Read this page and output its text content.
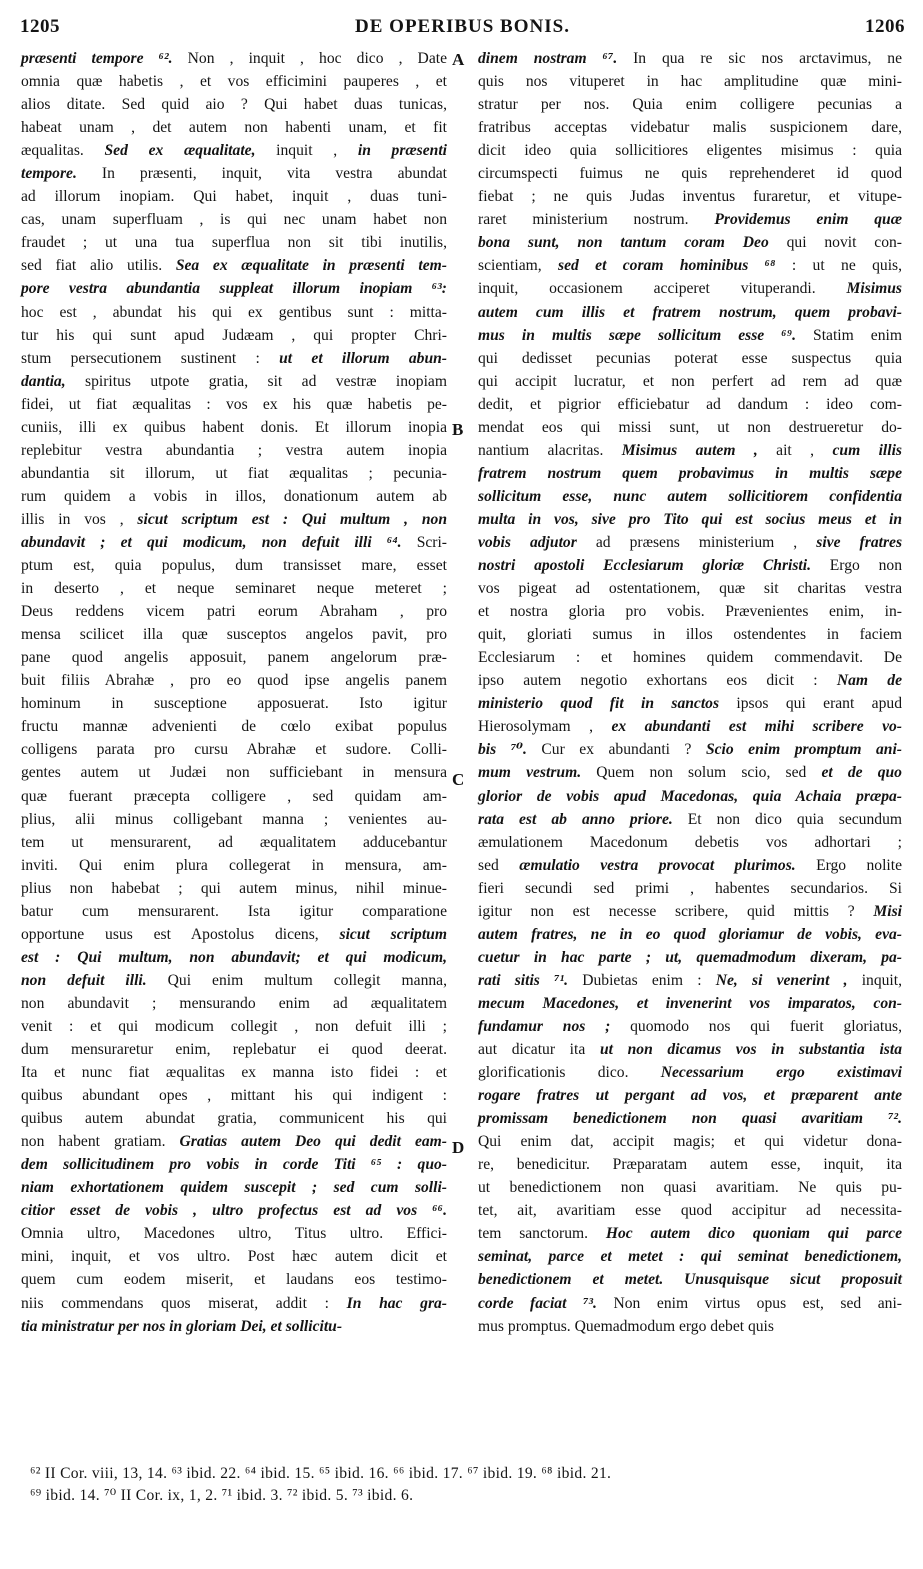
1205	DE OPERIBUS BONIS.	1206
A
B
C
D
præsenti tempore ⁶². Non , inquit , hoc dico , Date
omnia quæ habetis , et vos efficimini pauperes , et
alios ditate. Sed quid aio ? Qui habet duas tunicas,
habeat unam , det autem non habenti unam, et fit
æqualitas. Sed ex æqualitate, inquit , in præsenti
tempore. In præsenti, inquit, vita vestra abundat
ad illorum inopiam. Qui habet, inquit , duas tuni-
cas, unam superfluam , is qui nec unam habet non
fraudet ; ut una tua superflua non sit tibi inutilis,
sed fiat alio utilis. Sea ex æqualitate in præsenti tem-
pore vestra abundantia suppleat illorum inopiam ⁶³:
hoc est , abundat his qui ex gentibus sunt : mitta-
tur his qui sunt apud Judæam , qui propter Chri-
stum persecutionem sustinent : ut et illorum abun-
dantia, spiritus utpote gratia, sit ad vestræ inopiam
fidei, ut fiat æqualitas : vos ex his quæ habetis pe-
cuniis, illi ex quibus habent donis. Et illorum inopia
replebitur vestra abundantia ; vestra autem inopia
abundantia sit illorum, ut fiat æqualitas ; pecunia-
rum quidem a vobis in illos, donationum autem ab
illis in vos , sicut scriptum est : Qui multum , non
abundavit ; et qui modicum, non defuit illi ⁶⁴. Scri-
ptum est, quia populus, dum transisset mare, esset
in deserto , et neque seminaret neque meteret ;
Deus reddens vicem patri eorum Abraham , pro
mensa scilicet illa quæ susceptos angelos pavit, pro
pane quod angelis apposuit, panem angelorum præ-
buit filiis Abrahæ , pro eo quod ipse angelis panem
hominum in susceptione apposuerat. Isto igitur
fructu mannæ advenienti de cœlo exibat populus
colligens parata pro cursu Abrahæ et sudore. Colli-
gentes autem ut Judæi non sufficiebant in mensura
quæ fuerant præcepta colligere , sed quidam am-
plius, alii minus colligebant manna ; venientes au-
tem ut mensurarent, ad æqualitatem adducebantur
inviti. Qui enim plura collegerat in mensura, am-
plius non habebat ; qui autem minus, nihil minue-
batur cum mensurarent. Ista igitur comparatione
opportune usus est Apostolus dicens, sicut scriptum
est : Qui multum, non abundavit; et qui modicum,
non defuit illi. Qui enim multum collegit manna,
non abundavit ; mensurando enim ad æqualitatem
venit : et qui modicum collegit , non defuit illi ;
dum mensuraretur enim, replebatur ei quod deerat.
Ita et nunc fiat æqualitas ex manna isto fidei : et
quibus abundant opes , mittant his qui indigent :
quibus autem abundat gratia, communicent his qui
non habent gratiam. Gratias autem Deo qui dedit eam-
dem sollicitudinem pro vobis in corde Titi ⁶⁵ : quo-
niam exhortationem quidem suscepit ; sed cum solli-
citior esset de vobis , ultro profectus est ad vos ⁶⁶.
Omnia ultro, Macedones ultro, Titus ultro. Effici-
mini, inquit, et vos ultro. Post hæc autem dicit et
quem cum eodem miserit, et laudans eos testimo-
niis commendans quos miserat, addit : In hac gra-
tia ministratur per nos in gloriam Dei, et sollicitu-
dinem nostram ⁶⁷. In qua re sic nos arctavimus, ne
quis nos vituperet in hac amplitudine quæ mini-
stratur per nos. Quia enim colligere pecunias a
fratribus acceptas videbatur malis suspicionem dare,
dicit ideo quia sollicitiores eligentes misimus : quia
circumspecti fuimus ne quis reprehenderet id quod
fiebat ; ne quis Judas inventus furaretur, et vitupe-
raret ministerium nostrum. Providemus enim quæ
bona sunt, non tantum coram Deo qui novit con-
scientiam, sed et coram hominibus ⁶⁸ : ut ne quis,
inquit, occasionem acciperet vituperandi. Misimus
autem cum illis et fratrem nostrum, quem probavi-
mus in multis sæpe sollicitum esse ⁶⁹. Statim enim
qui dedisset pecunias poterat esse suspectus quia
qui accipit lucratur, et non perfert ad rem ad quæ
dedit, et pigrior efficiebatur ad dandum : ideo com-
mendat eos qui missi sunt, ut non destrueretur do-
nantium alacritas. Misimus autem , ait , cum illis
fratrem nostrum quem probavimus in multis sæpe
sollicitum esse, nunc autem sollicitiorem confidentia
multa in vos, sive pro Tito qui est socius meus et in
vobis adjutor ad præsens ministerium , sive fratres
nostri apostoli Ecclesiarum gloriæ Christi. Ergo non
vos pigeat ad ostentationem, quæ sit charitas vestra
et nostra gloria pro vobis. Prævenientes enim, in-
quit, gloriati sumus in illos ostendentes in faciem
Ecclesiarum : et homines quidem commendavit. De
ipso autem negotio exhortans eos dicit : Nam de
ministerio quod fit in sanctos ipsos qui erant apud
Hierosolymam , ex abundanti est mihi scribere vo-
bis ⁷⁰. Cur ex abundanti ? Scio enim promptum ani-
mum vestrum. Quem non solum scio, sed et de quo
glorior de vobis apud Macedonas, quia Achaia præpa-
rata est ab anno priore. Et non dico quia secundum
æmulationem Macedonum debetis vos adhortari ;
sed æmulatio vestra provocat plurimos. Ergo nolite
fieri secundi sed primi , habentes secundarios. Si
igitur non est necesse scribere, quid mittis ? Misi
autem fratres, ne in eo quod gloriamur de vobis, eva-
cuetur in hac parte ; ut, quemadmodum dixeram, pa-
rati sitis ⁷¹. Dubietas enim : Ne, si venerint , inquit,
mecum Macedones, et invenerint vos imparatos, con-
fundamur nos ; quomodo nos qui fuerit gloriatus,
aut dicatur ita ut non dicamus vos in substantia ista
glorificationis dico. Necessarium ergo existimavi
rogare fratres ut pergant ad vos, et præparent ante
promissam benedictionem non quasi avaritiam ⁷².
Qui enim dat, accipit magis; et qui videtur dona-
re, benedicitur. Præparatam autem esse, inquit, ita
ut benedictionem non quasi avaritiam. Ne quis pu-
tet, ait, avaritiam esse quod accipitur ad necessita-
tem sanctorum. Hoc autem dico quoniam qui parce
seminat, parce et metet : qui seminat benedictionem,
benedictionem et metet. Unusquisque sicut proposuit
corde faciat ⁷³. Non enim virtus opus est, sed ani-
mus promptus. Quemadmodum ergo debet quis
⁶² II Cor. viii, 13, 14. ⁶³ ibid. 22. ⁶⁴ ibid. 15. ⁶⁵ ibid. 16. ⁶⁶ ibid. 17. ⁶⁷ ibid. 19. ⁶⁸ ibid. 21.
⁶⁹ ibid. 14. ⁷⁰ II Cor. ix, 1, 2. ⁷¹ ibid. 3. ⁷² ibid. 5. ⁷³ ibid. 6.
